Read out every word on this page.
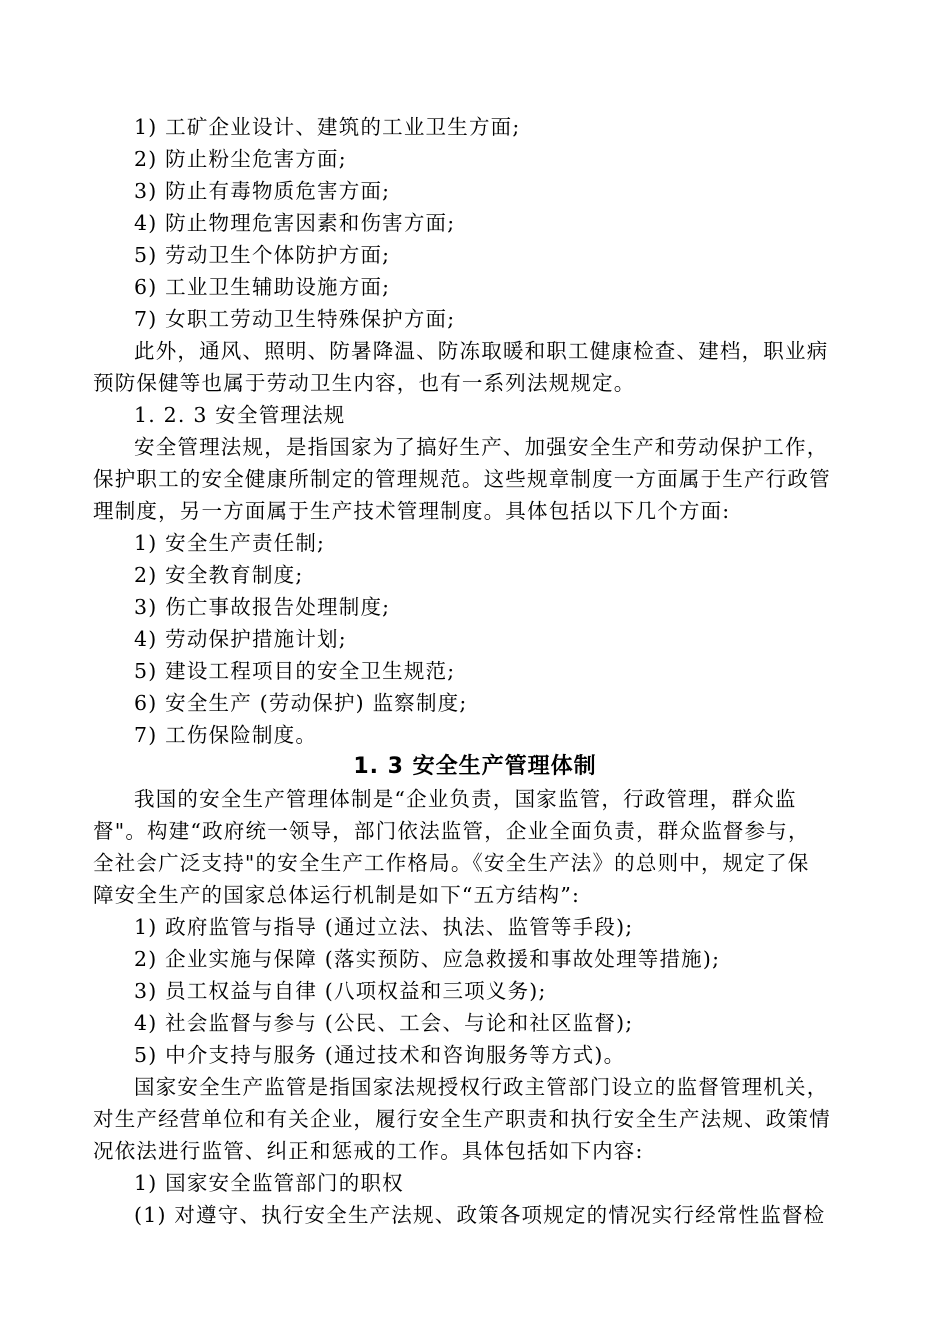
1) 工矿企业设计、建筑的工业卫生方面;
2) 防止粉尘危害方面;
3) 防止有毒物质危害方面;
4) 防止物理危害因素和伤害方面;
5) 劳动卫生个体防护方面;
6) 工业卫生辅助设施方面;
7) 女职工劳动卫生特殊保护方面;
此外，通风、照明、防暑降温、防冻取暖和职工健康检查、建档，职业病
预防保健等也属于劳动卫生内容，也有一系列法规规定。
1. 2. 3 安全管理法规
安全管理法规，是指国家为了搞好生产、加强安全生产和劳动保护工作，
保护职工的安全健康所制定的管理规范。这些规章制度一方面属于生产行政管
理制度，另一方面属于生产技术管理制度。具体包括以下几个方面:
1) 安全生产责任制;
2) 安全教育制度;
3) 伤亡事故报告处理制度;
4) 劳动保护措施计划;
5) 建设工程项目的安全卫生规范;
6) 安全生产 (劳动保护) 监察制度;
7) 工伤保险制度。
1. 3 安全生产管理体制
我国的安全生产管理体制是“企业负责，国家监管，行政管理，群众监
督"。构建“政府统一领导，部门依法监管，企业全面负责，群众监督参与，
全社会广泛支持"的安全生产工作格局。《安全生产法》的总则中，规定了保
障安全生产的国家总体运行机制是如下“五方结构”:
1) 政府监管与指导 (通过立法、执法、监管等手段);
2) 企业实施与保障 (落实预防、应急救援和事故处理等措施);
3) 员工权益与自律 (八项权益和三项义务);
4) 社会监督与参与 (公民、工会、与论和社区监督);
5) 中介支持与服务 (通过技术和咨询服务等方式)。
国家安全生产监管是指国家法规授权行政主管部门设立的监督管理机关，
对生产经营单位和有关企业，履行安全生产职责和执行安全生产法规、政策情
况依法进行监管、纠正和惩戒的工作。具体包括如下内容:
1) 国家安全监管部门的职权
(1) 对遵守、执行安全生产法规、政策各项规定的情况实行经常性监督检
